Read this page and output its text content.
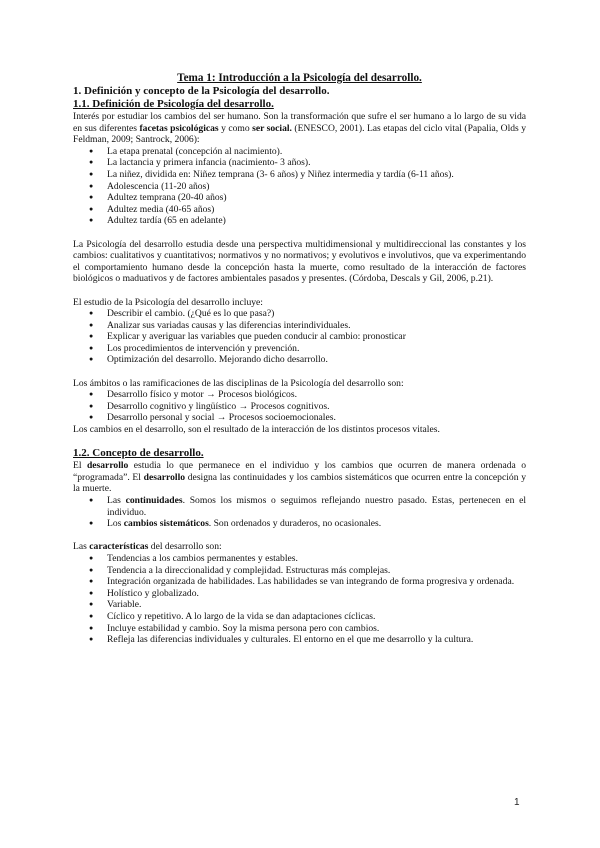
Tema 1: Introducción a la Psicología del desarrollo.

1. Definición y concepto de la Psicología del desarrollo.

1.1. Definición de Psicología del desarrollo.

Interés por estudiar los cambios del ser humano. Son la transformación que sufre el ser humano a lo largo de su vida en sus diferentes facetas psicológicas y como ser social. (ENESCO, 2001). Las etapas del ciclo vital (Papalia, Olds y Feldman, 2009; Santrock, 2006):

● La etapa prenatal (concepción al nacimiento).
● La lactancia y primera infancia (nacimiento- 3 años).
● La niñez, dividida en: Niñez temprana (3- 6 años) y Niñez intermedia y tardía (6-11 años).
● Adolescencia (11-20 años)
● Adultez temprana (20-40 años)
● Adultez media (40-65 años)
● Adultez tardía (65 en adelante)

La Psicología del desarrollo estudia desde una perspectiva multidimensional y multidireccional las constantes y los cambios: cualitativos y cuantitativos; normativos y no normativos; y evolutivos e involutivos, que va experimentando el comportamiento humano desde la concepción hasta la muerte, como resultado de la interacción de factores biológicos o maduativos y de factores ambientales pasados y presentes. (Córdoba, Descals y Gil, 2006, p.21).

El estudio de la Psicología del desarrollo incluye:

● Describir el cambio. (¿Qué es lo que pasa?)
● Analizar sus variadas causas y las diferencias interindividuales.
● Explicar y averiguar las variables que pueden conducir al cambio: pronosticar
● Los procedimientos de intervención y prevención.
● Optimización del desarrollo. Mejorando dicho desarrollo.

Los ámbitos o las ramificaciones de las disciplinas de la Psicología del desarrollo son:

● Desarrollo físico y motor → Procesos biológicos.
● Desarrollo cognitivo y lingüístico → Procesos cognitivos.
● Desarrollo personal y social → Procesos socioemocionales.

Los cambios en el desarrollo, son el resultado de la interacción de los distintos procesos vitales.

1.2. Concepto de desarrollo.

El desarrollo estudia lo que permanece en el individuo y los cambios que ocurren de manera ordenada o “programada”. El desarrollo designa las continuidades y los cambios sistemáticos que ocurren entre la concepción y la muerte.

● Las continuidades. Somos los mismos o seguimos reflejando nuestro pasado. Estas, pertenecen en el individuo.
● Los cambios sistemáticos. Son ordenados y duraderos, no ocasionales.

Las características del desarrollo son:

● Tendencias a los cambios permanentes y estables.
● Tendencia a la direccionalidad y complejidad. Estructuras más complejas.
● Integración organizada de habilidades. Las habilidades se van integrando de forma progresiva y ordenada.
● Holístico y globalizado.
● Variable.
● Cíclico y repetitivo. A lo largo de la vida se dan adaptaciones cíclicas.
● Incluye estabilidad y cambio. Soy la misma persona pero con cambios.
● Refleja las diferencias individuales y culturales. El entorno en el que me desarrollo y la cultura.
1
